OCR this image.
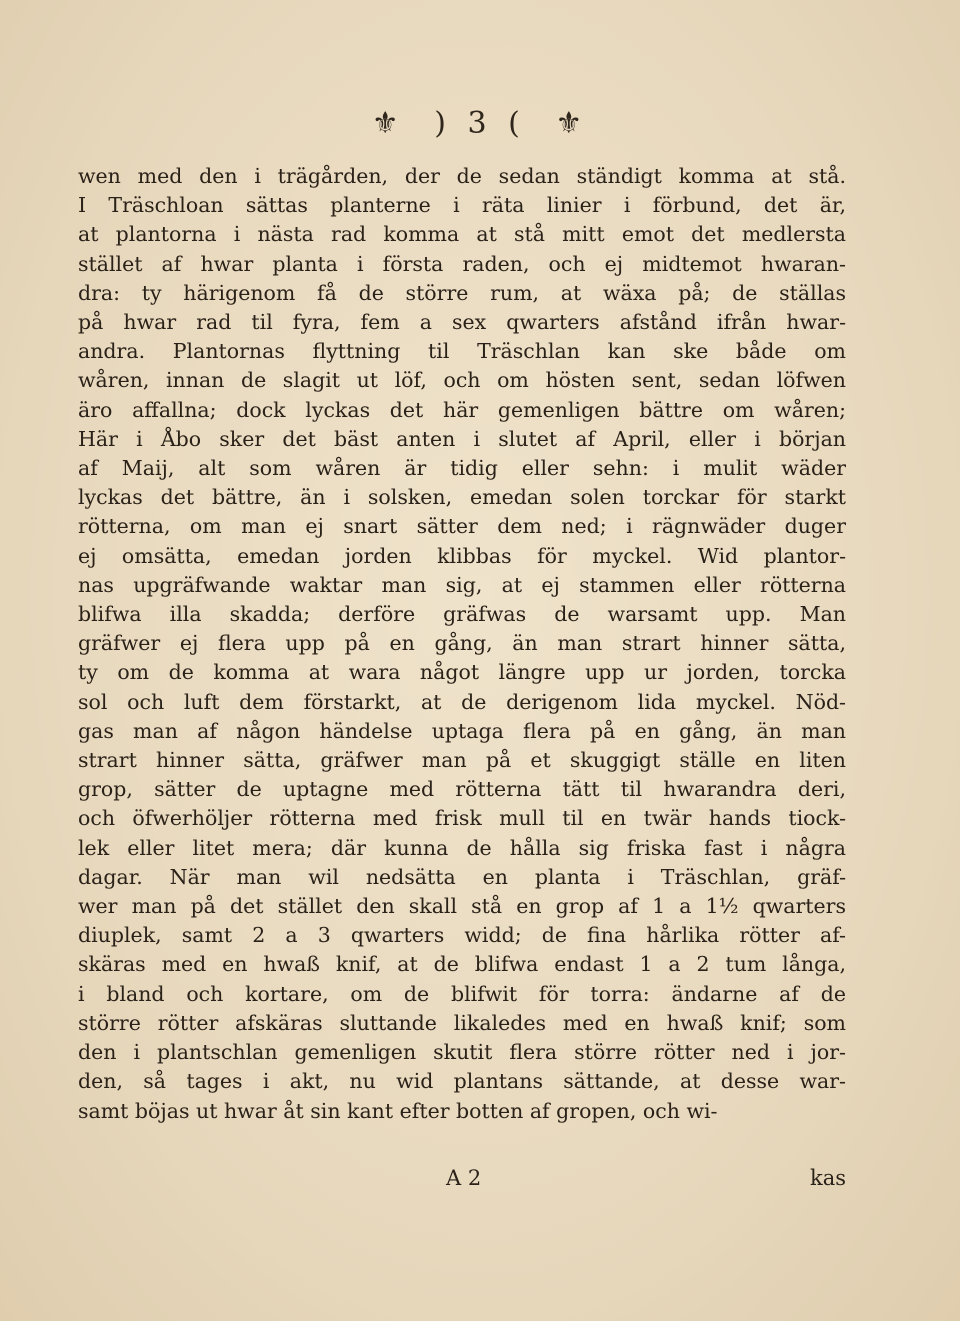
⚜ ) 3 ( ⚜
wen med den i trägården, der de sedan ständigt komma at stå.
I Träschloan sättas planterne i räta linier i förbund, det är,
at plantorna i nästa rad komma at stå mitt emot det medlersta
stället af hwar planta i första raden, och ej midtemot hwaran-
dra: ty härigenom få de större rum, at wäxa på; de ställas
på hwar rad til fyra, fem a sex qwarters afstånd ifrån hwar-
andra. Plantornas flyttning til Träschlan kan ske både om
wåren, innan de slagit ut löf, och om hösten sent, sedan löfwen
äro affallna; dock lyckas det här gemenligen bättre om wåren;
Här i Åbo sker det bäst anten i slutet af April, eller i början
af Maij, alt som wåren är tidig eller sehn: i mulit wäder
lyckas det bättre, än i solsken, emedan solen torckar för starkt
rötterna, om man ej snart sätter dem ned; i rägnwäder duger
ej omsätta, emedan jorden klibbas för myckel. Wid plantor-
nas upgräfwande waktar man sig, at ej stammen eller rötterna
blifwa illa skadda; derföre gräfwas de warsamt upp. Man
gräfwer ej flera upp på en gång, än man strart hinner sätta,
ty om de komma at wara något längre upp ur jorden, torcka
sol och luft dem förstarkt, at de derigenom lida myckel. Nöd-
gas man af någon händelse uptaga flera på en gång, än man
strart hinner sätta, gräfwer man på et skuggigt ställe en liten
grop, sätter de uptagne med rötterna tätt til hwarandra deri,
och öfwerhöljer rötterna med frisk mull til en twär hands tiock-
lek eller litet mera; där kunna de hålla sig friska fast i några
dagar. När man wil nedsätta en planta i Träschlan, gräf-
wer man på det stället den skall stå en grop af 1 a 1½ qwarters
diuplek, samt 2 a 3 qwarters widd; de fina hårlika rötter af-
skäras med en hwaß knif, at de blifwa endast 1 a 2 tum långa,
i bland och kortare, om de blifwit för torra: ändarne af de
större rötter afskäras sluttande likaledes med en hwaß knif; som
den i plantschlan gemenligen skutit flera större rötter ned i jor-
den, så tages i akt, nu wid plantans sättande, at desse war-
samt böjas ut hwar åt sin kant efter botten af gropen, och wi-
A 2	kas
